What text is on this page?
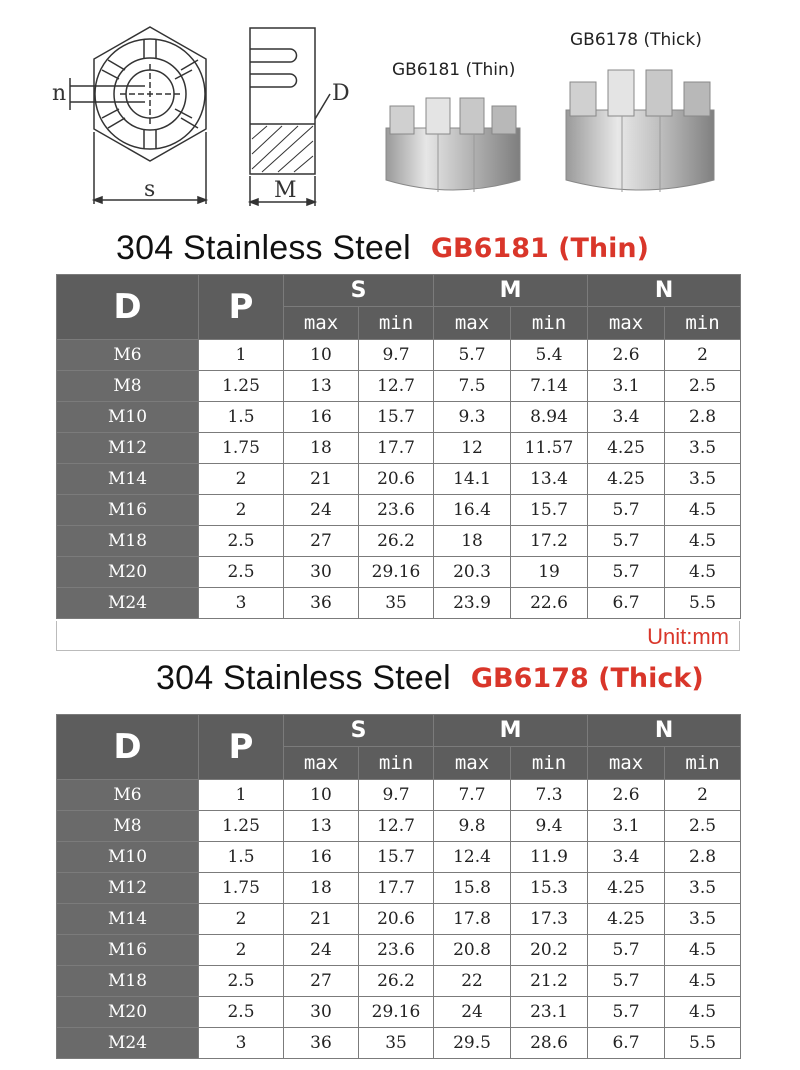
n	D
s	M
GB6181 (Thin)
GB6178 (Thick)
304 Stainless Steel GB6181 (Thin)
D	P	S		M		N	
		max	min	max	min	max	min
M6	1	10	9.7	5.7	5.4	2.6	2
M8	1.25	13	12.7	7.5	7.14	3.1	2.5
M10	1.5	16	15.7	9.3	8.94	3.4	2.8
M12	1.75	18	17.7	12	11.57	4.25	3.5
M14	2	21	20.6	14.1	13.4	4.25	3.5
M16	2	24	23.6	16.4	15.7	5.7	4.5
M18	2.5	27	26.2	18	17.2	5.7	4.5
M20	2.5	30	29.16	20.3	19	5.7	4.5
M24	3	36	35	23.9	22.6	6.7	5.5
Unit:mm
304 Stainless Steel GB6178 (Thick)
D	P	S		M		N	
		max	min	max	min	max	min
M6	1	10	9.7	7.7	7.3	2.6	2
M8	1.25	13	12.7	9.8	9.4	3.1	2.5
M10	1.5	16	15.7	12.4	11.9	3.4	2.8
M12	1.75	18	17.7	15.8	15.3	4.25	3.5
M14	2	21	20.6	17.8	17.3	4.25	3.5
M16	2	24	23.6	20.8	20.2	5.7	4.5
M18	2.5	27	26.2	22	21.2	5.7	4.5
M20	2.5	30	29.16	24	23.1	5.7	4.5
M24	3	36	35	29.5	28.6	6.7	5.5
